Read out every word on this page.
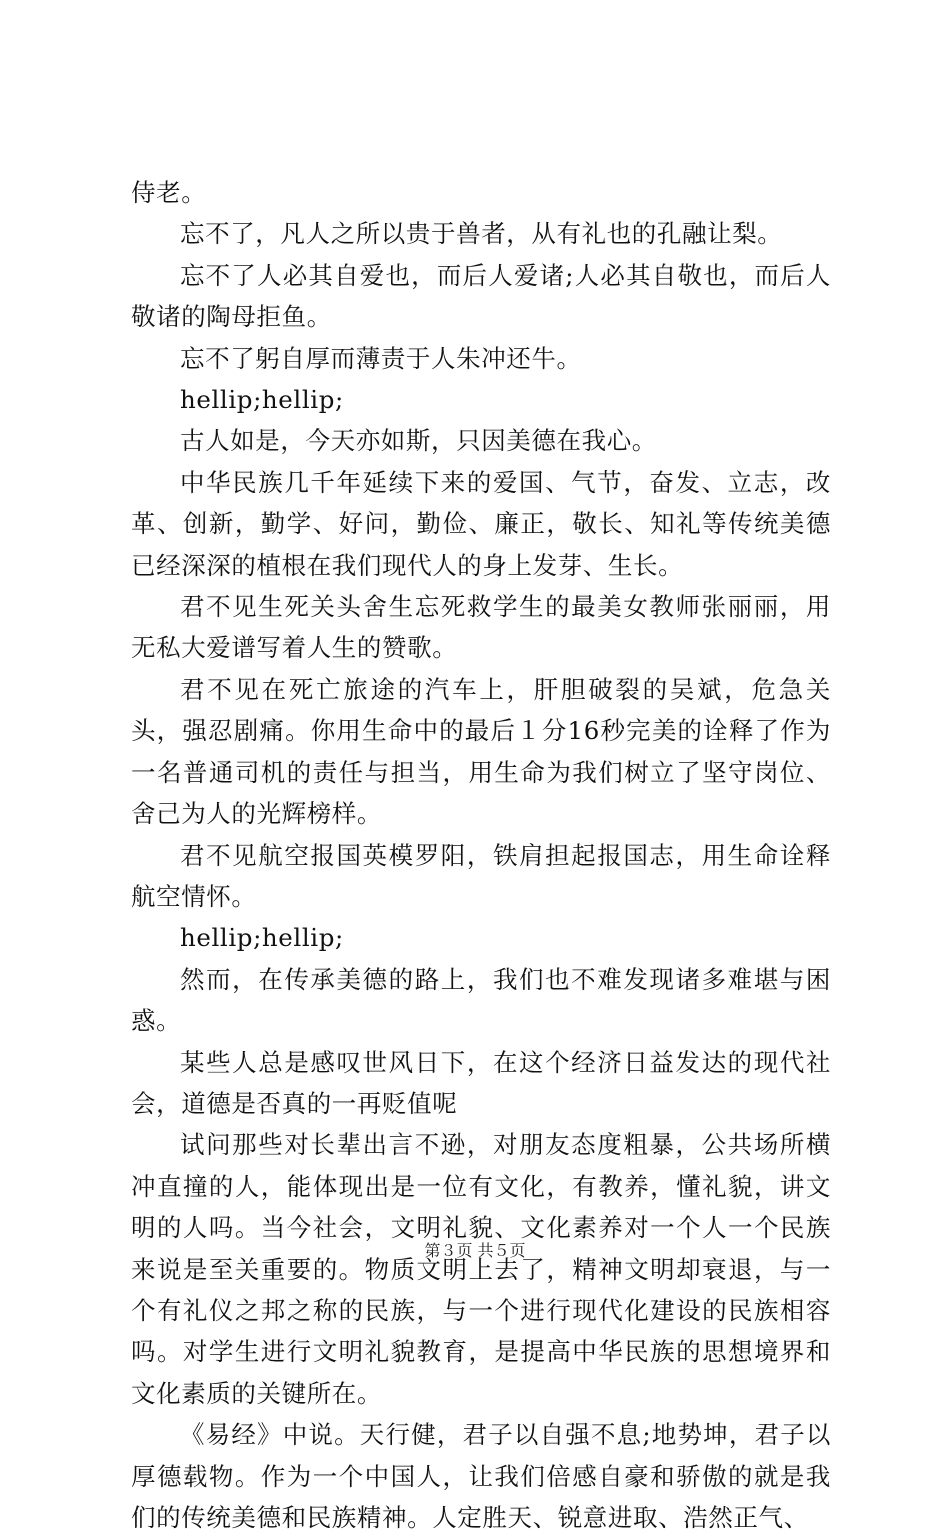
侍老。

忘不了，凡人之所以贵于兽者，从有礼也的孔融让梨。

忘不了人必其自爱也，而后人爱诸;人必其自敬也，而后人敬诸的陶母拒鱼。

忘不了躬自厚而薄责于人朱冲还牛。

hellip;hellip;

古人如是，今天亦如斯，只因美德在我心。

中华民族几千年延续下来的爱国、气节，奋发、立志，改革、创新，勤学、好问，勤俭、廉正，敬长、知礼等传统美德已经深深的植根在我们现代人的身上发芽、生长。

君不见生死关头舍生忘死救学生的最美女教师张丽丽，用无私大爱谱写着人生的赞歌。

君不见在死亡旅途的汽车上，肝胆破裂的吴斌，危急关头，强忍剧痛。你用生命中的最后１分16秒完美的诠释了作为一名普通司机的责任与担当，用生命为我们树立了坚守岗位、舍己为人的光辉榜样。

君不见航空报国英模罗阳，铁肩担起报国志，用生命诠释航空情怀。

hellip;hellip;

然而，在传承美德的路上，我们也不难发现诸多难堪与困惑。

某些人总是感叹世风日下，在这个经济日益发达的现代社会，道德是否真的一再贬值呢

试问那些对长辈出言不逊，对朋友态度粗暴，公共场所横冲直撞的人，能体现出是一位有文化，有教养，懂礼貌，讲文明的人吗。当今社会，文明礼貌、文化素养对一个人一个民族来说是至关重要的。物质文明上去了，精神文明却衰退，与一个有礼仪之邦之称的民族，与一个进行现代化建设的民族相容吗。对学生进行文明礼貌教育，是提高中华民族的思想境界和文化素质的关键所在。

《易经》中说。天行健，君子以自强不息;地势坤，君子以厚德载物。作为一个中国人，让我们倍感自豪和骄傲的就是我们的传统美德和民族精神。人定胜天、锐意进取、浩然正气、

第３页 共５页
